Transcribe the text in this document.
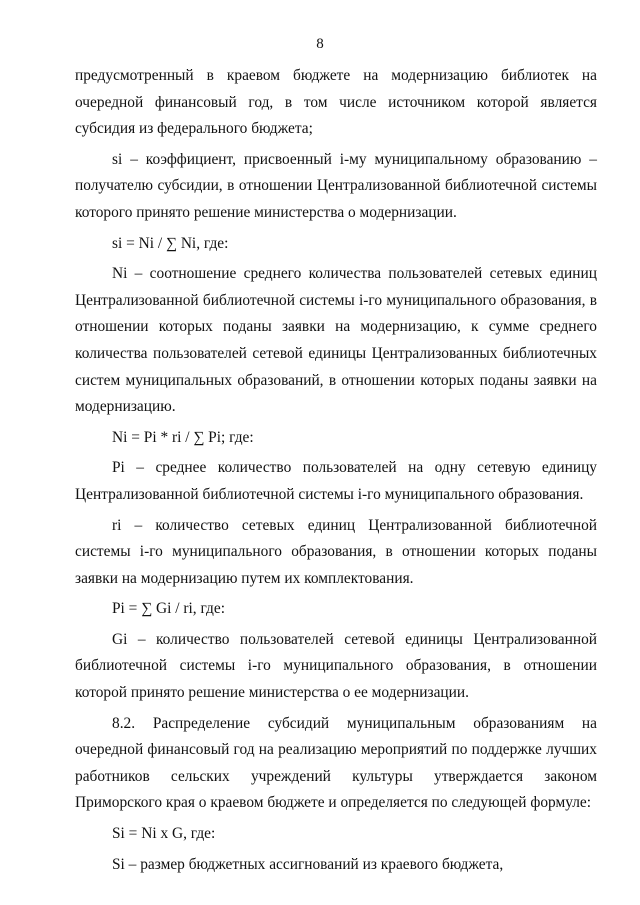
8

предусмотренный в краевом бюджете на модернизацию библиотек на очередной финансовый год, в том числе источником которой является субсидия из федерального бюджета;

si – коэффициент, присвоенный i-му муниципальному образованию – получателю субсидии, в отношении Централизованной библиотечной системы которого принято решение министерства о модернизации.

si = Ni / ∑ Ni, где:

Ni – соотношение среднего количества пользователей сетевых единиц Централизованной библиотечной системы i-го муниципального образования, в отношении которых поданы заявки на модернизацию, к сумме среднего количества пользователей сетевой единицы Централизованных библиотечных систем муниципальных образований, в отношении которых поданы заявки на модернизацию.

Ni = Pi * ri / ∑ Pi; где:

Pi – среднее количество пользователей на одну сетевую единицу Централизованной библиотечной системы i-го муниципального образования.

ri – количество сетевых единиц Централизованной библиотечной системы i-го муниципального образования, в отношении которых поданы заявки на модернизацию путем их комплектования.

Pi = ∑ Gi / ri, где:

Gi – количество пользователей сетевой единицы Централизованной библиотечной системы i-го муниципального образования, в отношении которой принято решение министерства о ее модернизации.

8.2. Распределение субсидий муниципальным образованиям на очередной финансовый год на реализацию мероприятий по поддержке лучших работников сельских учреждений культуры утверждается законом Приморского края о краевом бюджете и определяется по следующей формуле:

Si = Ni х G, где:

Si – размер бюджетных ассигнований из краевого бюджета,
